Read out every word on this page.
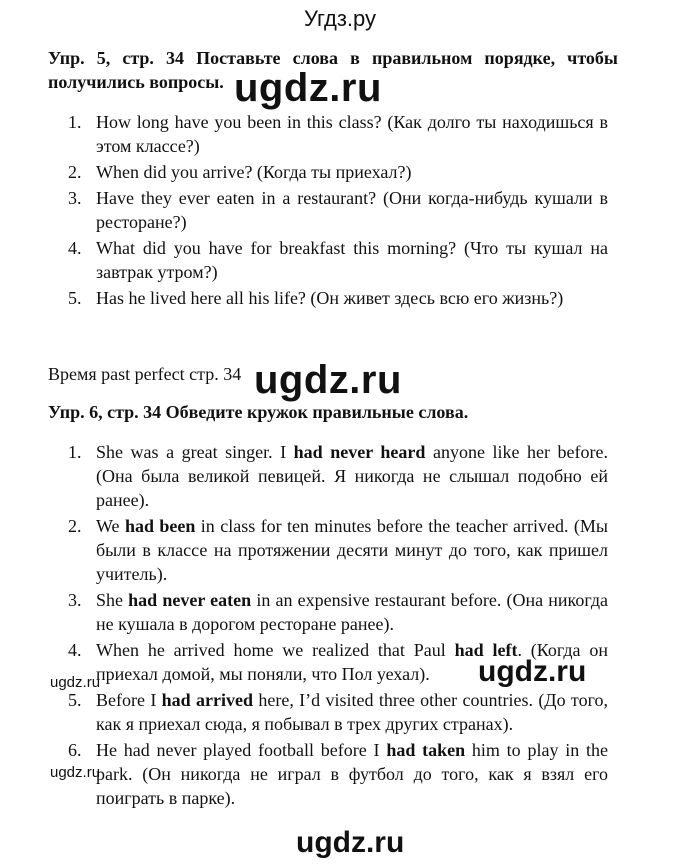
Угдз.ру
Упр. 5, стр. 34 Поставьте слова в правильном порядке, чтобы получились вопросы.
1. How long have you been in this class? (Как долго ты находишься в этом классе?)
2. When did you arrive? (Когда ты приехал?)
3. Have they ever eaten in a restaurant? (Они когда-нибудь кушали в ресторане?)
4. What did you have for breakfast this morning? (Что ты кушал на завтрак утром?)
5. Has he lived here all his life? (Он живет здесь всю его жизнь?)
Время past perfect стр. 34
Упр. 6, стр. 34 Обведите кружок правильные слова.
1. She was a great singer. I had never heard anyone like her before. (Она была великой певицей. Я никогда не слышал подобно ей ранее).
2. We had been in class for ten minutes before the teacher arrived. (Мы были в классе на протяжении десяти минут до того, как пришел учитель).
3. She had never eaten in an expensive restaurant before. (Она никогда не кушала в дорогом ресторане ранее).
4. When he arrived home we realized that Paul had left. (Когда он приехал домой, мы поняли, что Пол уехал).
5. Before I had arrived here, I’d visited three other countries. (До того, как я приехал сюда, я побывал в трех других странах).
6. He had never played football before I had taken him to play in the park. (Он никогда не играл в футбол до того, как я взял его поиграть в парке).
ugdz.ru
ugdz.ru
ugdz.ru
ugdz.ru
ugdz.ru
ugdz.ru
